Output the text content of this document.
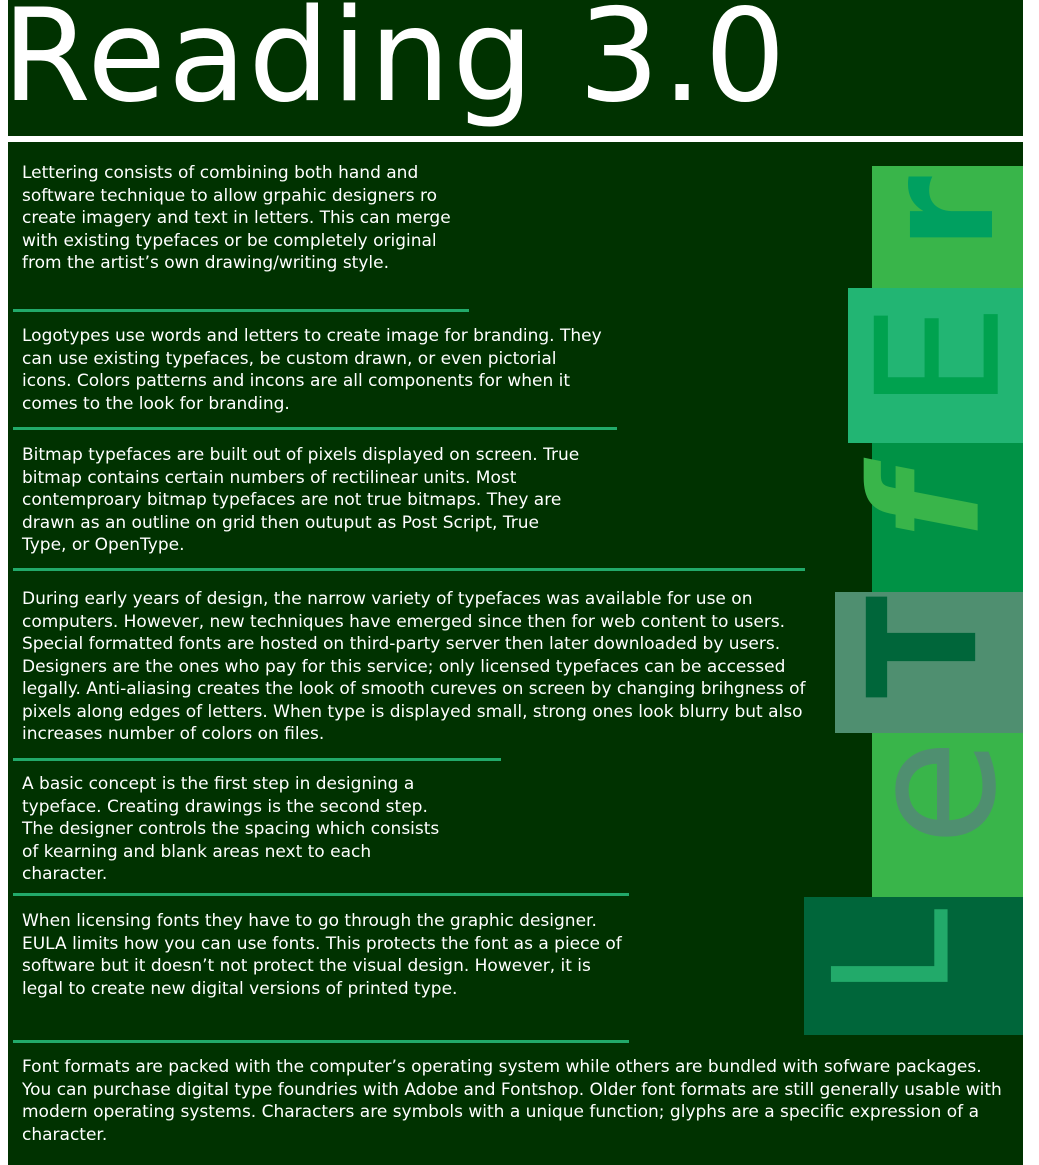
Reading 3.0
Lettering consists of combining both hand and software technique to allow grpahic designers ro create imagery and text in letters. This can merge with existing typefaces or be completely original from the artist’s own drawing/writing style.
Logotypes use words and letters to create image for branding. They can use existing typefaces, be custom drawn, or even pictorial icons. Colors patterns and incons are all components for when it comes to the look for branding.
Bitmap typefaces are built out of pixels displayed on screen. True bitmap contains certain numbers of rectilinear units. Most contemproary bitmap typefaces are not true bitmaps. They are drawn as an outline on grid then outuput as Post Script, True Type, or OpenType.
During early years of design, the narrow variety of typefaces was available for use on computers. However, new techniques have emerged since then for web content to users. Special formatted fonts are hosted on third-party server then later downloaded by users. Designers are the ones who pay for this service; only licensed typefaces can be accessed legally. Anti-aliasing creates the look of smooth cureves on screen by changing brihgness of pixels along edges of letters. When type is displayed small, strong ones look blurry but also increases number of colors on files.
A basic concept is the first step in designing a typeface. Creating drawings is the second step. The designer controls the spacing which consists of kearning and blank areas next to each character.
When licensing fonts they have to go through the graphic designer. EULA limits how you can use fonts. This protects the font as a piece of software but it doesn’t not protect the visual design. However, it is legal to create new digital versions of printed type.
Font formats are packed with the computer’s operating system while others are bundled with sofware packages. You can purchase digital type foundries with Adobe and Fontshop. Older font formats are still generally usable with modern operating systems. Characters are symbols with a unique function; glyphs are a specific expression of a character.
L
e
T
f
E
r
